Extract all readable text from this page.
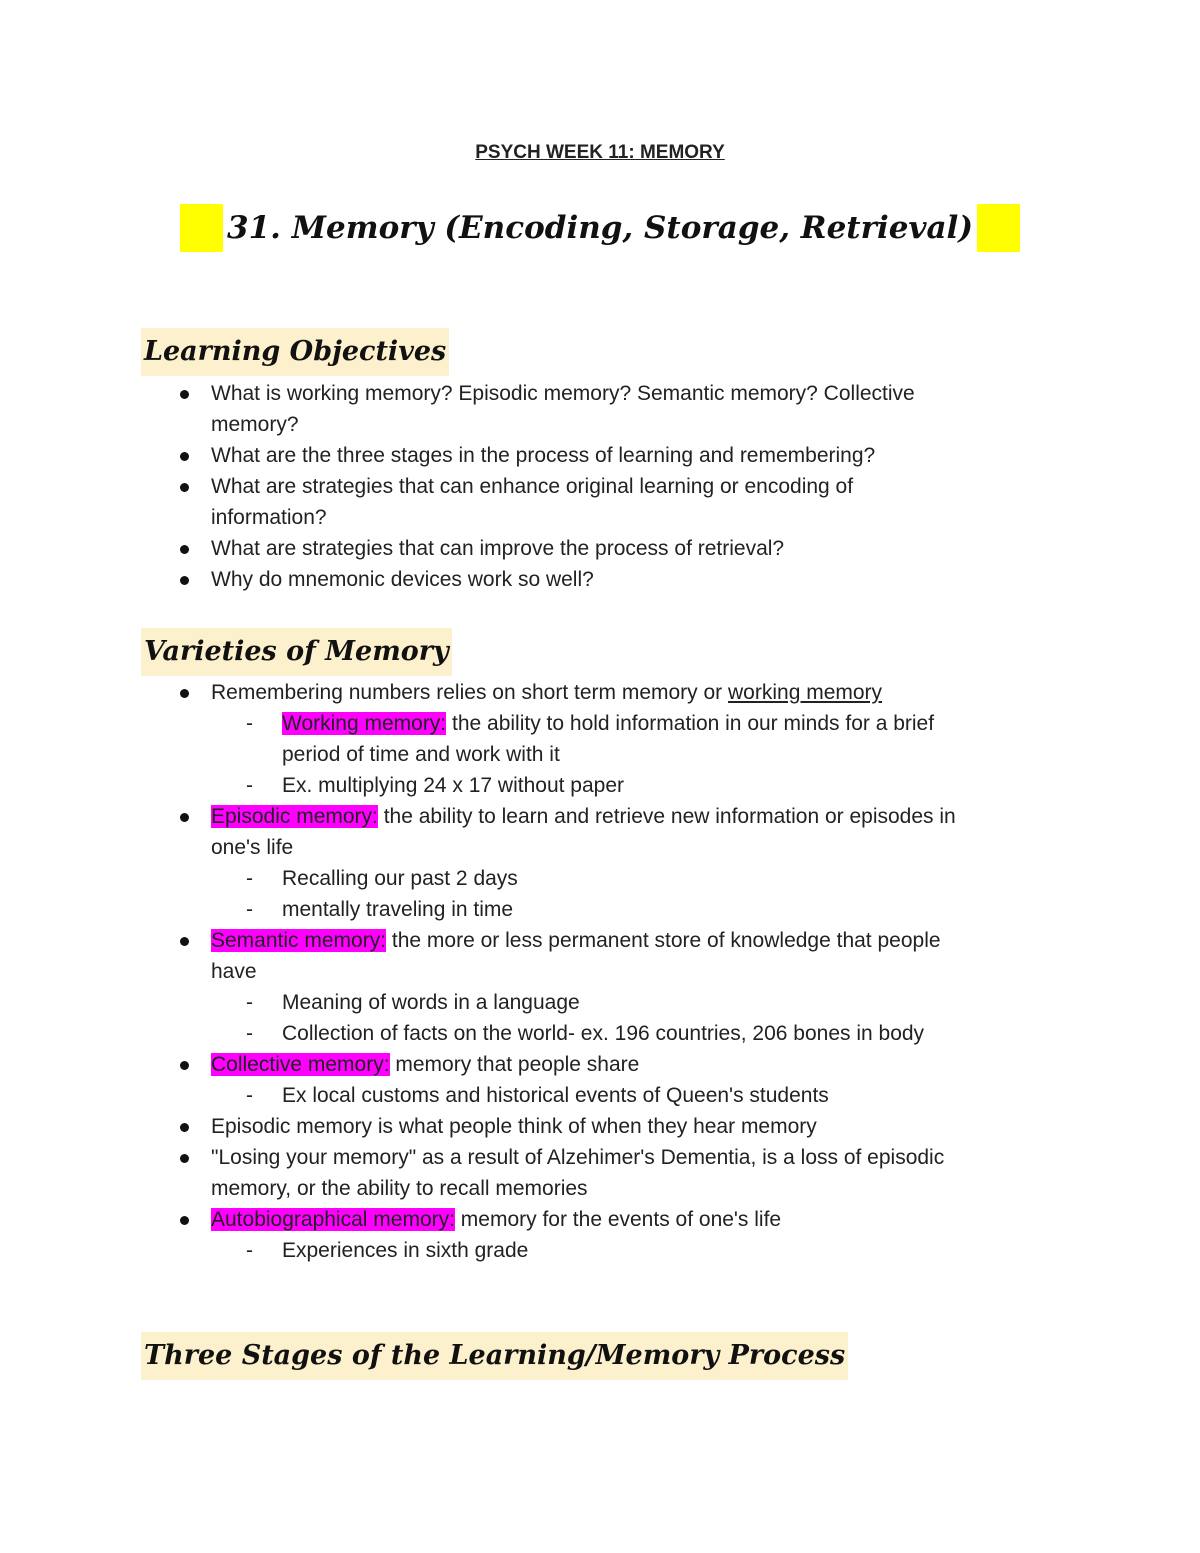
PSYCH WEEK 11: MEMORY
31. Memory (Encoding, Storage, Retrieval)
Learning Objectives
What is working memory? Episodic memory? Semantic memory? Collective
memory?
What are the three stages in the process of learning and remembering?
What are strategies that can enhance original learning or encoding of
information?
What are strategies that can improve the process of retrieval?
Why do mnemonic devices work so well?
Varieties of Memory
Remembering numbers relies on short term memory or working memory
- Working memory: the ability to hold information in our minds for a brief
period of time and work with it
- Ex. multiplying 24 x 17 without paper
Episodic memory: the ability to learn and retrieve new information or episodes in
one's life
- Recalling our past 2 days
- mentally traveling in time
Semantic memory: the more or less permanent store of knowledge that people
have
- Meaning of words in a language
- Collection of facts on the world- ex. 196 countries, 206 bones in body
Collective memory: memory that people share
- Ex local customs and historical events of Queen's students
Episodic memory is what people think of when they hear memory
"Losing your memory" as a result of Alzehimer's Dementia, is a loss of episodic
memory, or the ability to recall memories
Autobiographical memory: memory for the events of one's life
- Experiences in sixth grade
Three Stages of the Learning/Memory Process
